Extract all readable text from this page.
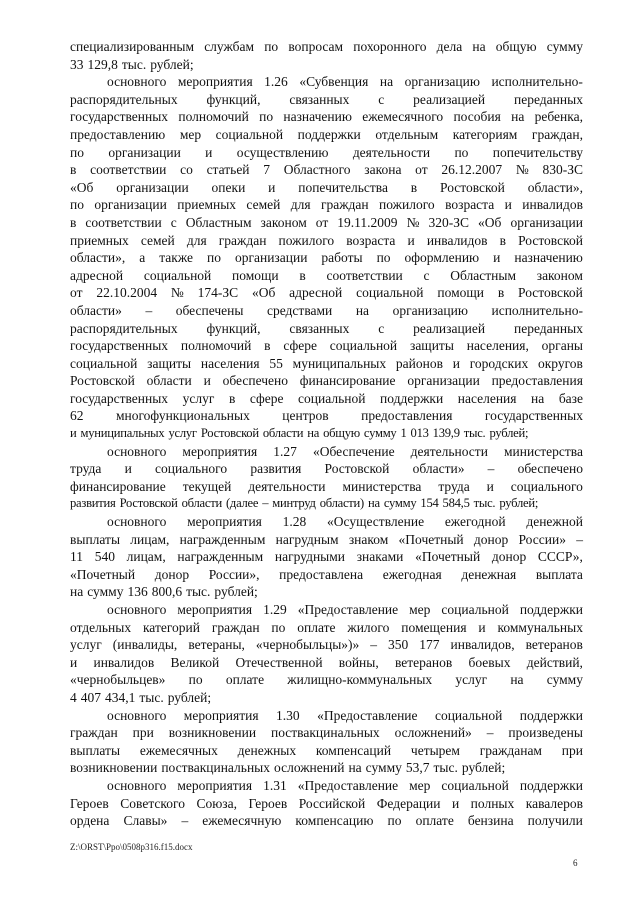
специализированным службам по вопросам похоронного дела на общую сумму
33 129,8 тыс. рублей;
основного мероприятия 1.26 «Субвенция на организацию исполнительно-
распорядительных функций, связанных с реализацией переданных
государственных полномочий по назначению ежемесячного пособия на ребенка,
предоставлению мер социальной поддержки отдельным категориям граждан,
по организации и осуществлению деятельности по попечительству
в соответствии со статьей 7 Областного закона от 26.12.2007 № 830-ЗС
«Об организации опеки и попечительства в Ростовской области»,
по организации приемных семей для граждан пожилого возраста и инвалидов
в соответствии с Областным законом от 19.11.2009 № 320-ЗС «Об организации
приемных семей для граждан пожилого возраста и инвалидов в Ростовской
области», а также по организации работы по оформлению и назначению
адресной социальной помощи в соответствии с Областным законом
от 22.10.2004 № 174-ЗС «Об адресной социальной помощи в Ростовской
области» – обеспечены средствами на организацию исполнительно-
распорядительных функций, связанных с реализацией переданных
государственных полномочий в сфере социальной защиты населения, органы
социальной защиты населения 55 муниципальных районов и городских округов
Ростовской области и обеспечено финансирование организации предоставления
государственных услуг в сфере социальной поддержки населения на базе
62 многофункциональных центров предоставления государственных
и муниципальных услуг Ростовской области на общую сумму 1 013 139,9 тыс. рублей;
основного мероприятия 1.27 «Обеспечение деятельности министерства
труда и социального развития Ростовской области» – обеспечено
финансирование текущей деятельности министерства труда и социального
развития Ростовской области (далее – минтруд области) на сумму 154 584,5 тыс. рублей;
основного мероприятия 1.28 «Осуществление ежегодной денежной
выплаты лицам, награжденным нагрудным знаком «Почетный донор России» –
11 540 лицам, награжденным нагрудными знаками «Почетный донор СССР»,
«Почетный донор России», предоставлена ежегодная денежная выплата
на сумму 136 800,6 тыс. рублей;
основного мероприятия 1.29 «Предоставление мер социальной поддержки
отдельных категорий граждан по оплате жилого помещения и коммунальных
услуг (инвалиды, ветераны, «чернобыльцы»)» – 350 177 инвалидов, ветеранов
и инвалидов Великой Отечественной войны, ветеранов боевых действий,
«чернобыльцев» по оплате жилищно-коммунальных услуг на сумму
4 407 434,1 тыс. рублей;
основного мероприятия 1.30 «Предоставление социальной поддержки
граждан при возникновении поствакцинальных осложнений» – произведены
выплаты ежемесячных денежных компенсаций четырем гражданам при
возникновении поствакцинальных осложнений на сумму 53,7 тыс. рублей;
основного мероприятия 1.31 «Предоставление мер социальной поддержки
Героев Советского Союза, Героев Российской Федерации и полных кавалеров
ордена Славы» – ежемесячную компенсацию по оплате бензина получили
Z:\ORST\Ppo\0508p316.f15.docx
6
